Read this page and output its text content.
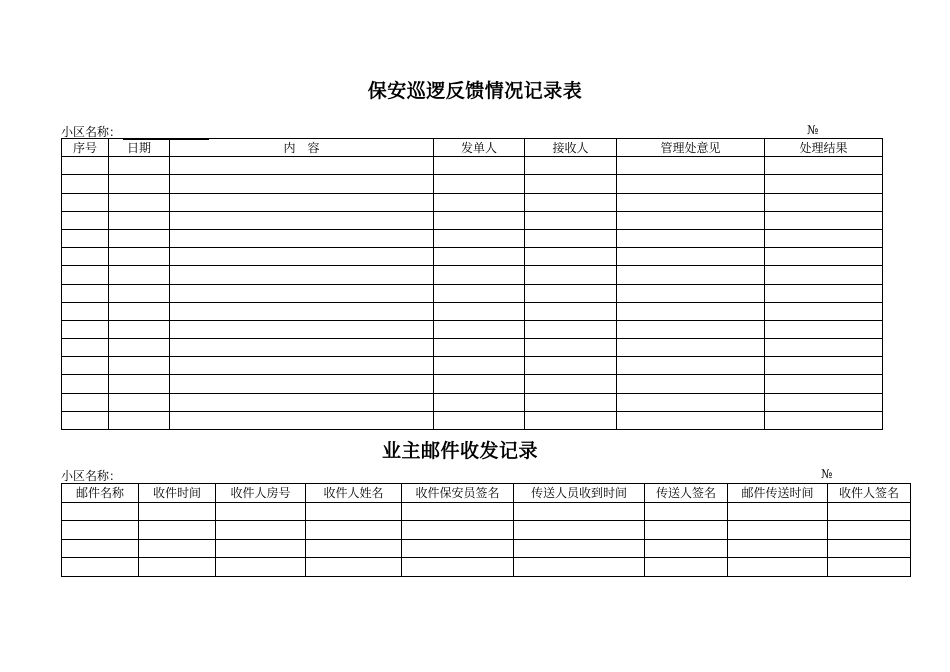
保安巡逻反馈情况记录表
小区名称：	№
序号	日期	内　容	发单人	接收人	管理处意见	处理结果

业主邮件收发记录
小区名称：	№
邮件名称	收件时间	收件人房号	收件人姓名	收件保安员签名	传送人员收到时间	传送人签名	邮件传送时间	收件人签名
